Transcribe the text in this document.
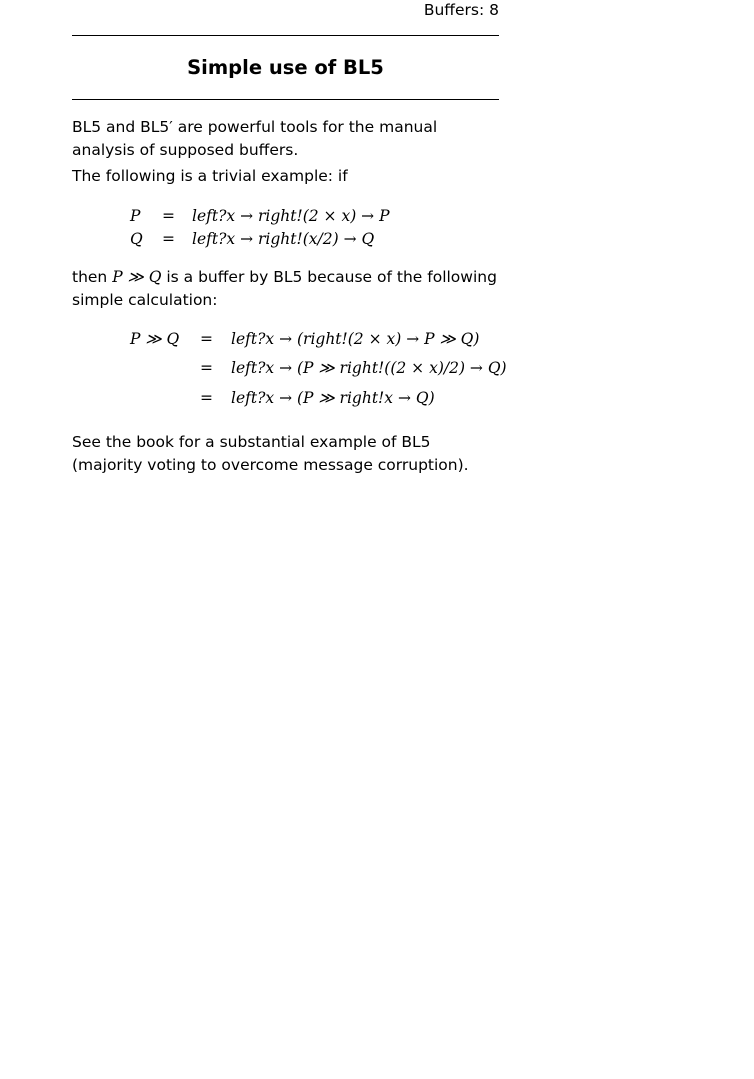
Buffers: 8
Simple use of BL5
BL5 and BL5′ are powerful tools for the manual analysis of supposed buffers.
The following is a trivial example: if
P = left?x → right!(2 × x) → P
Q = left?x → right!(x/2) → Q
then P ≫ Q is a buffer by BL5 because of the following simple calculation:
P ≫ Q = left?x → (right!(2 × x) → P ≫ Q)
= left?x → (P ≫ right!((2 × x)/2) → Q)
= left?x → (P ≫ right!x → Q)
See the book for a substantial example of BL5 (majority voting to overcome message corruption).
